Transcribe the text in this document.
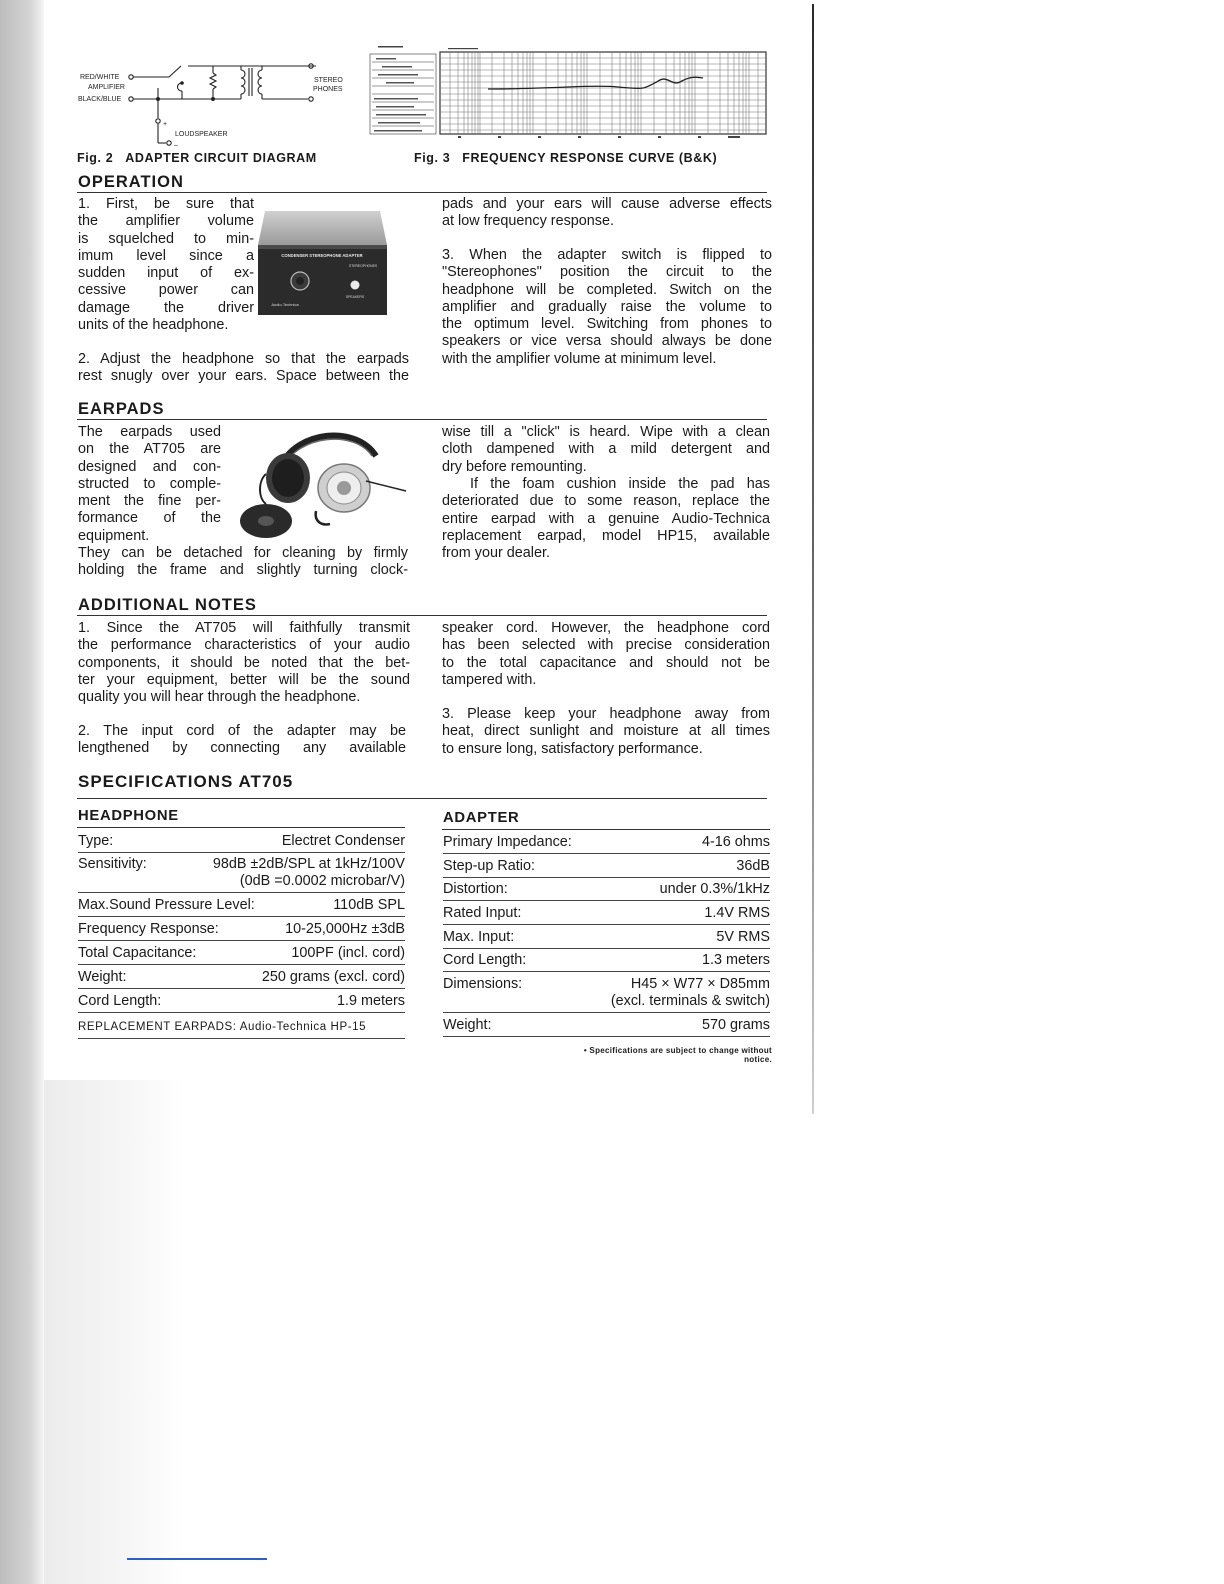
RED/WHITE
AMPLIFIER
BLACK/BLUE
STEREO
PHONES
+
LOUDSPEAKER
–
Fig. 2 ADAPTER CIRCUIT DIAGRAM	Fig. 3 FREQUENCY RESPONSE CURVE (B&K)
OPERATION
1. First, be sure that
the amplifier volume
is squelched to min-
imum level since a
sudden input of ex-
cessive power can
damage the driver
units of the headphone.
CONDENSER STEREOPHONE ADAPTER
STEREOPHONES
SPEAKERS
Audio-Technica
2. Adjust the headphone so that the earpads
rest snugly over your ears. Space between the
pads and your ears will cause adverse effects
at low frequency response.
3. When the adapter switch is flipped to
"Stereophones" position the circuit to the
headphone will be completed. Switch on the
amplifier and gradually raise the volume to
the optimum level. Switching from phones to
speakers or vice versa should always be done
with the amplifier volume at minimum level.
EARPADS
The earpads used
on the AT705 are
designed and con-
structed to comple-
ment the fine per-
formance of the
equipment.
They can be detached for cleaning by firmly
holding the frame and slightly turning clock-
wise till a "click" is heard. Wipe with a clean
cloth dampened with a mild detergent and
dry before remounting.
If the foam cushion inside the pad has
deteriorated due to some reason, replace the
entire earpad with a genuine Audio-Technica
replacement earpad, model HP15, available
from your dealer.
ADDITIONAL NOTES
1. Since the AT705 will faithfully transmit
the performance characteristics of your audio
components, it should be noted that the bet-
ter your equipment, better will be the sound
quality you will hear through the headphone.
2. The input cord of the adapter may be
lengthened by connecting any available
speaker cord. However, the headphone cord
has been selected with precise consideration
to the total capacitance and should not be
tampered with.
3. Please keep your headphone away from
heat, direct sunlight and moisture at all times
to ensure long, satisfactory performance.
SPECIFICATIONS AT705
HEADPHONE
Type:	Electret Condenser
Sensitivity:	98dB ±2dB/SPL at 1kHz/100V
(0dB =0.0002 microbar/V)
Max.Sound Pressure Level:	110dB SPL
Frequency Response:	10-25,000Hz ±3dB
Total Capacitance:	100PF (incl. cord)
Weight:	250 grams (excl. cord)
Cord Length:	1.9 meters
REPLACEMENT EARPADS: Audio-Technica HP-15
ADAPTER
Primary Impedance:	4-16 ohms
Step-up Ratio:	36dB
Distortion:	under 0.3%/1kHz
Rated Input:	1.4V RMS
Max. Input:	5V RMS
Cord Length:	1.3 meters
Dimensions:	H45 × W77 × D85mm
(excl. terminals & switch)
Weight:	570 grams
• Specifications are subject to change without notice.
